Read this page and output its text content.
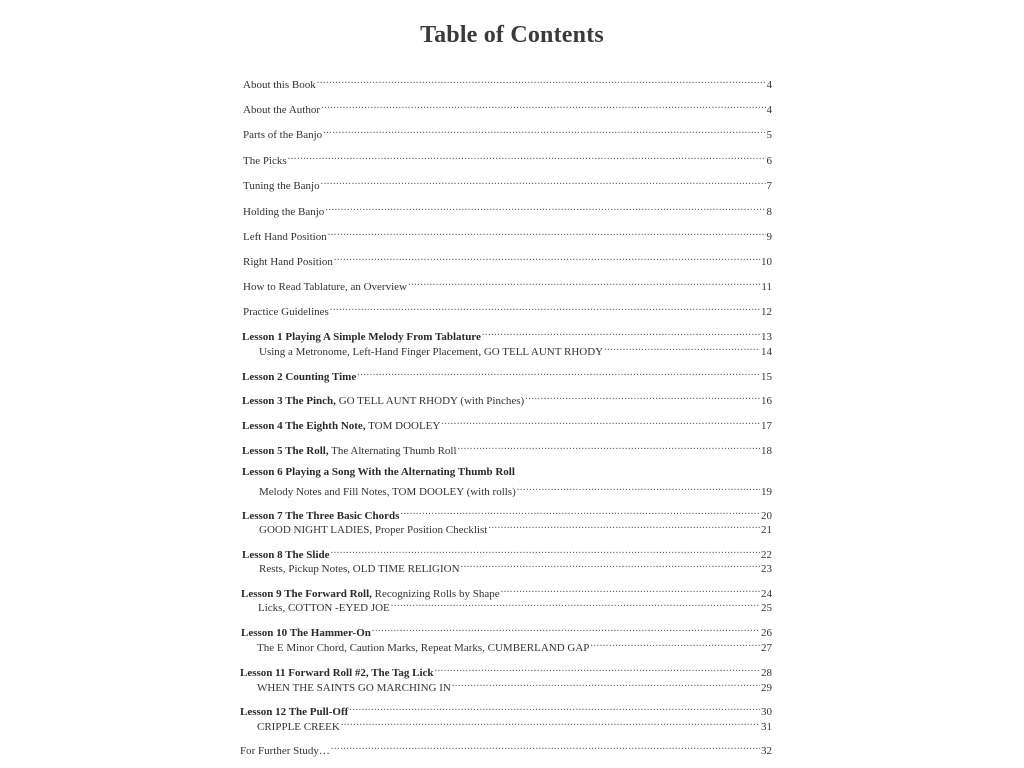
Table of Contents
About this Book .....	4
About the Author .....	4
Parts of the Banjo .....	5
The Picks .....	6
Tuning the Banjo .....	7
Holding the Banjo .....	8
Left Hand Position .....	9
Right Hand Position .....	10
How to Read Tablature, an Overview .....	11
Practice Guidelines .....	12
Lesson 1 Playing A Simple Melody From Tablature .....	13
Using a Metronome, Left-Hand Finger Placement, GO TELL AUNT RHODY .....	14
Lesson 2 Counting Time .....	15
Lesson 3 The Pinch, GO TELL AUNT RHODY (with Pinches) .....	16
Lesson 4 The Eighth Note, TOM DOOLEY .....	17
Lesson 5 The Roll, The Alternating Thumb Roll .....	18
Lesson 6 Playing a Song With the Alternating Thumb Roll
Melody Notes and Fill Notes, TOM DOOLEY (with rolls) .....	19
Lesson 7 The Three Basic Chords .....	20
GOOD NIGHT LADIES, Proper Position Checklist .....	21
Lesson 8 The Slide .....	22
Rests, Pickup Notes, OLD TIME RELIGION .....	23
Lesson 9 The Forward Roll, Recognizing Rolls by Shape .....	24
Licks, COTTON -EYED JOE .....	25
Lesson 10 The Hammer-On .....	26
The E Minor Chord, Caution Marks, Repeat Marks, CUMBERLAND GAP .....	27
Lesson 11 Forward Roll #2, The Tag Lick .....	28
WHEN THE SAINTS GO MARCHING IN .....	29
Lesson 12 The Pull-Off .....	30
CRIPPLE CREEK .....	31
For Further Study… .....	32
